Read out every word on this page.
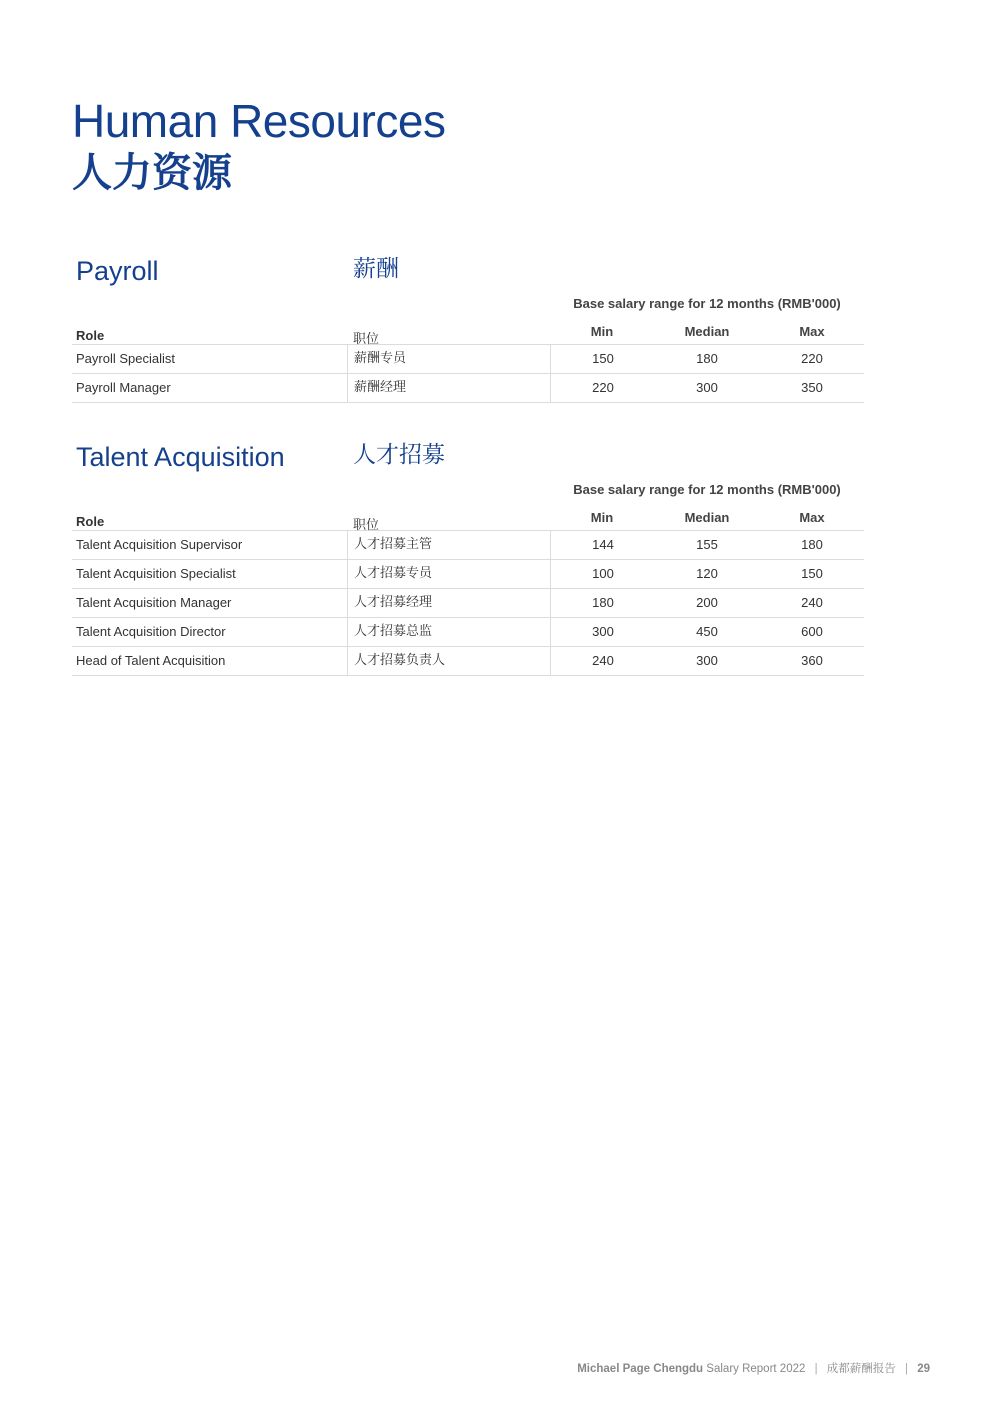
Human Resources
人力资源
Payroll	薪酬
Base salary range for 12 months (RMB'000)
Role	职位
Min	Median	Max
Payroll Specialist	薪酬专员	150	180	220
Payroll Manager	薪酬经理	220	300	350
Talent Acquisition	人才招募
Base salary range for 12 months (RMB'000)
Role	职位
Min	Median	Max
Talent Acquisition Supervisor	人才招募主管	144	155	180
Talent Acquisition Specialist	人才招募专员	100	120	150
Talent Acquisition Manager	人才招募经理	180	200	240
Talent Acquisition Director	人才招募总监	300	450	600
Head of Talent Acquisition	人才招募负责人	240	300	360
Michael Page Chengdu Salary Report 2022 | 成都薪酬报告 | 29
